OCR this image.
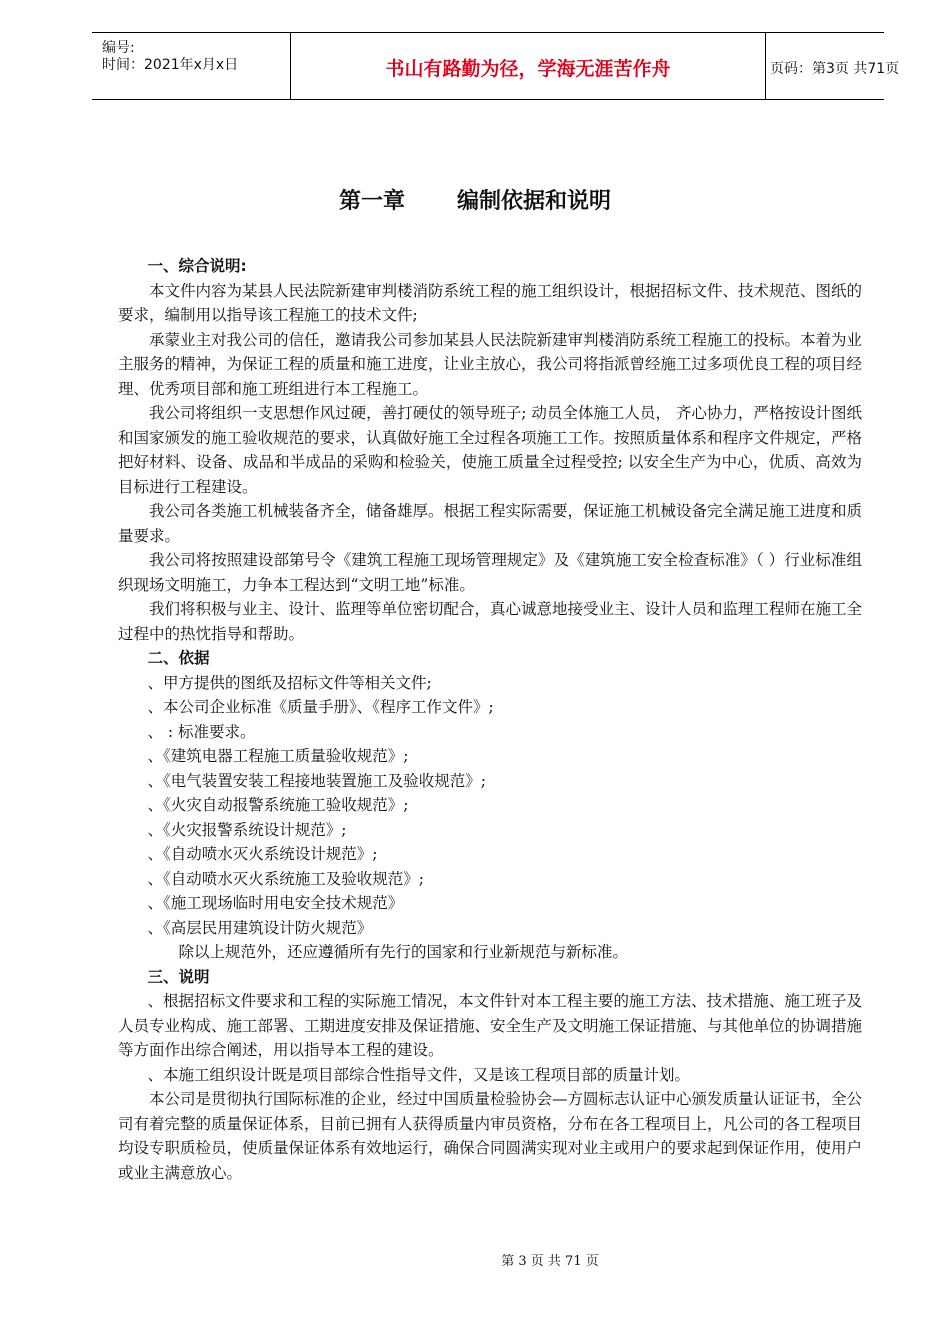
编号:
时间：2021年x月x日	书山有路勤为径，学海无涯苦作舟	页码：第3页 共71页
第一章 编制依据和说明

一、综合说明:

本文件内容为某县人民法院新建审判楼消防系统工程的施工组织设计，根据招标文件、技术规范、图纸的要求，编制用以指导该工程施工的技术文件;

承蒙业主对我公司的信任，邀请我公司参加某县人民法院新建审判楼消防系统工程施工的投标。本着为业主服务的精神，为保证工程的质量和施工进度，让业主放心，我公司将指派曾经施工过多项优良工程的项目经理、优秀项目部和施工班组进行本工程施工。

我公司将组织一支思想作风过硬，善打硬仗的领导班子; 动员全体施工人员， 齐心协力，严格按设计图纸和国家颁发的施工验收规范的要求，认真做好施工全过程各项施工工作。按照质量体系和程序文件规定，严格把好材料、设备、成品和半成品的采购和检验关，使施工质量全过程受控; 以安全生产为中心，优质、高效为目标进行工程建设。

我公司各类施工机械装备齐全，储备雄厚。根据工程实际需要，保证施工机械设备完全满足施工进度和质量要求。

我公司将按照建设部第号令《建筑工程施工现场管理规定》及《建筑施工安全检查标准》（ ）行业标准组织现场文明施工，力争本工程达到“文明工地”标准。

我们将积极与业主、设计、监理等单位密切配合，真心诚意地接受业主、设计人员和监理工程师在施工全过程中的热忱指导和帮助。

二、依据

、甲方提供的图纸及招标文件等相关文件;

、本公司企业标准《质量手册》、《程序工作文件》;

、 : 标准要求。

、《建筑电器工程施工质量验收规范》;

、《电气装置安装工程接地装置施工及验收规范》;

、《火灾自动报警系统施工验收规范》;

、《火灾报警系统设计规范》;

、《自动喷水灭火系统设计规范》;

、《自动喷水灭火系统施工及验收规范》;

、《施工现场临时用电安全技术规范》

、《高层民用建筑设计防火规范》

除以上规范外，还应遵循所有先行的国家和行业新规范与新标准。

三、说明

、根据招标文件要求和工程的实际施工情况，本文件针对本工程主要的施工方法、技术措施、施工班子及人员专业构成、施工部署、工期进度安排及保证措施、安全生产及文明施工保证措施、与其他单位的协调措施等方面作出综合阐述，用以指导本工程的建设。

、本施工组织设计既是项目部综合性指导文件，又是该工程项目部的质量计划。

本公司是贯彻执行国际标准的企业，经过中国质量检验协会—方圆标志认证中心颁发质量认证证书，全公司有着完整的质量保证体系，目前已拥有人获得质量内审员资格，分布在各工程项目上，凡公司的各工程项目均设专职质检员，使质量保证体系有效地运行，确保合同圆满实现对业主或用户的要求起到保证作用，使用户或业主满意放心。

第 3 页 共 71 页
